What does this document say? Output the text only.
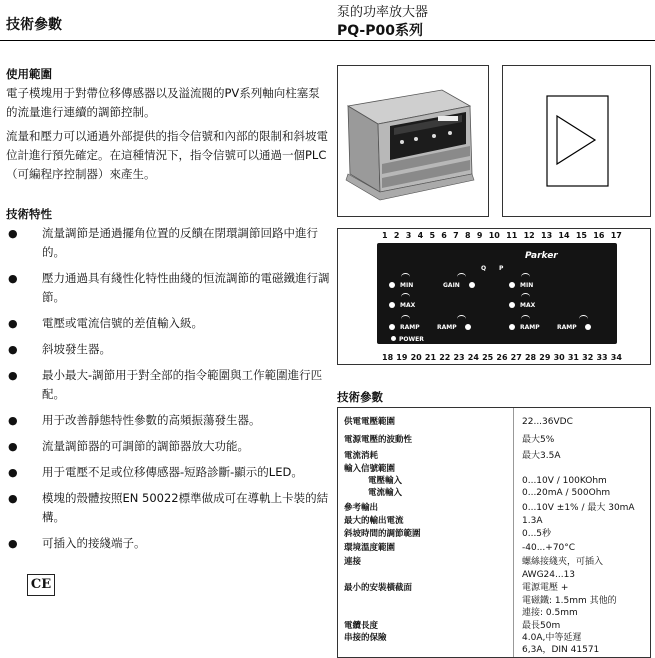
技術參數
泵的功率放大器
PQ-P00系列
使用範圍
電子模塊用于對帶位移傳感器以及溢流閥的PV系列軸向柱塞泵的流量進行連續的調節控制。
流量和壓力可以通過外部提供的指令信號和內部的限制和斜坡電位計進行預先確定。在這種情況下，指令信號可以通過一個PLC（可編程序控制器）來產生。
技術特性
● 流量調節是通過擺角位置的反饋在閉環調節回路中進行的。
● 壓力通過具有綫性化特性曲綫的恒流調節的電磁鐵進行調節。
● 電壓或電流信號的差值輸入級。
● 斜坡發生器。
● 最小最大-調節用于對全部的指令範圍與工作範圍進行匹配。
● 用于改善靜態特性參數的高頻振蕩發生器。
● 流量調節器的可調節的調節器放大功能。
● 用于電壓不足或位移傳感器-短路診斷-顯示的LED。
● 模塊的殼體按照EN 50022標準做成可在導軌上卡裝的結構。
● 可插入的接綫端子。
CE
1 2 3 4 5 6 7 8 9 10 11 12 13 14 15 16 17
Parker
Q P
MIN	GAIN
MAX
RAMP	RAMP
MIN
MAX
RAMP	RAMP
POWER
18 19 20 21 22 23 24 25 26 27 28 29 30 31 32 33 34
技術參數
供電電壓範圍	22...36VDC
電源電壓的波動性	最大5%
電流消耗	最大3.5A
輸入信號範圍
電壓輸入	0...10V / 100KOhm
電流輸入	0...20mA / 500Ohm
參考輸出	0...10V ±1% / 最大 30mA
最大的輸出電流	1.3A
斜坡時間的調節範圍	0...5秒
環境溫度範圍	-40...+70°C
連接	螺絲接綫夾，可插入
AWG24...13
最小的安裝橫截面	電源電壓 +
電磁鐵: 1.5mm 其他的
連接: 0.5mm
電纜長度	最長50m
串接的保險	4.0A,中等延遲
6,3A，DIN 41571
